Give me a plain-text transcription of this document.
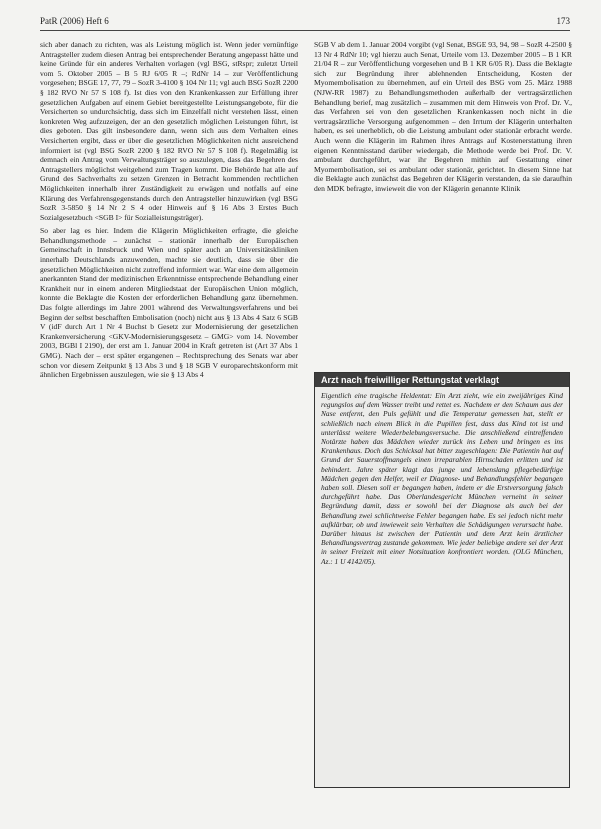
PatR (2006) Heft 6	173

sich aber danach zu richten, was als Leistung möglich ist. Wenn jeder vernünftige Antragsteller zudem diesen Antrag bei entsprechender Beratung angepasst hätte und keine Gründe für ein anderes Verhalten vorlagen (vgl BSG, stRspr; zuletzt Urteil vom 5. Oktober 2005 – B 5 RJ 6/05 R –; RdNr 14 – zur Veröffentlichung vorgesehen; BSGE 17, 77, 79 – SozR 3-4100 § 104 Nr 11; vgl auch BSG SozR 2200 § 182 RVO Nr 57 S 108 f). Ist dies von den Krankenkassen zur Erfüllung ihrer gesetzlichen Aufgaben auf einem Gebiet bereitgestellte Leistungsangebote, für die Versicherten so undurchsichtig, dass sich im Einzelfall nicht verstehen lässt, einen konkreten Weg aufzuzeigen, der an den gesetzlich möglichen Leistungen führt, ist dies geboten. Das gilt insbesondere dann, wenn sich aus dem Verhalten eines Versicherten ergibt, dass er über die gesetzlichen Möglichkeiten nicht ausreichend informiert ist (vgl BSG SozR 2200 § 182 RVO Nr 57 S 108 f). Regelmäßig ist demnach ein Antrag vom Verwaltungsträger so auszulegen, dass das Begehren des Antragstellers möglichst weitgehend zum Tragen kommt. Die Behörde hat alle auf Grund des Sachverhalts zu setzen Grenzen in Betracht kommenden rechtlichen Möglichkeiten innerhalb ihrer Zuständigkeit zu erwägen und notfalls auf eine Klärung des Verfahrensgegenstands durch den Antragsteller hinzuwirken (vgl BSG SozR 3-5850 § 14 Nr 2 S 4 oder Hinweis auf § 16 Abs 3 Erstes Buch Sozialgesetzbuch <SGB I> für Sozialleistungsträger).

So aber lag es hier. Indem die Klägerin Möglichkeiten erfragte, die gleiche Behandlungsmethode – zunächst – stationär innerhalb der Europäischen Gemeinschaft in Innsbruck und Wien und später auch an Universitätskliniken innerhalb Deutschlands anzuwenden, machte sie deutlich, dass sie über die gesetzlichen Möglichkeiten nicht zutreffend informiert war. War eine dem allgemein anerkannten Stand der medizinischen Erkenntnisse entsprechende Behandlung einer Krankheit nur in einem anderen Mitgliedstaat der Europäischen Union möglich, konnte die Beklagte die Kosten der erforderlichen Behandlung ganz übernehmen. Das folgte allerdings im Jahre 2001 während des Verwaltungsverfahrens und bei Beginn der selbst beschafften Embolisation (noch) nicht aus § 13 Abs 4 Satz 6 SGB V (idF durch Art 1 Nr 4 Buchst b Gesetz zur Modernisierung der gesetzlichen Krankenversicherung <GKV-Modernisierungsgesetz – GMG> vom 14. November 2003, BGBl I 2190), der erst am 1. Januar 2004 in Kraft getreten ist (Art 37 Abs 1 GMG). Nach der – erst später ergangenen – Rechtsprechung des Senats war aber schon vor diesem Zeitpunkt § 13 Abs 3 und § 18 SGB V europarechtskonform mit ähnlichen Ergebnissen auszulegen, wie sie § 13 Abs 4

SGB V ab dem 1. Januar 2004 vorgibt (vgl Senat, BSGE 93, 94, 98 – SozR 4-2500 § 13 Nr 4 RdNr 10; vgl hierzu auch Senat, Urteile vom 13. Dezember 2005 – B 1 KR 21/04 R – zur Veröffentlichung vorgesehen und B 1 KR 6/05 R). Dass die Beklagte sich zur Begründung ihrer ablehnenden Entscheidung, Kosten der Myomembolisation zu übernehmen, auf ein Urteil des BSG vom 25. März 1988 (NJW-RR 1987) zu Behandlungsmethoden außerhalb der vertragsärztlichen Behandlung berief, mag zusätzlich – zusammen mit dem Hinweis von Prof. Dr. V., das Verfahren sei von den gesetzlichen Krankenkassen noch nicht in die vertragsärztliche Versorgung aufgenommen – den Irrtum der Klägerin unterhalten haben, es sei unerheblich, ob die Leistung ambulant oder stationär erbracht werde. Auch wenn die Klägerin im Rahmen ihres Antrags auf Kostenerstattung ihren eigenen Kenntnisstand darüber wiedergab, die Methode werde bei Prof. Dr. V. ambulant durchgeführt, war ihr Begehren mithin auf Gestattung einer Myomembolisation, sei es ambulant oder stationär, gerichtet. In diesem Sinne hat die Beklagte auch zunächst das Begehren der Klägerin verstanden, da sie daraufhin den MDK befragte, inwieweit die von der Klägerin genannte Klinik

Arzt nach freiwilliger Rettungstat verklagt
Eigentlich eine tragische Heldentat: Ein Arzt zieht, wie ein zweijähriges Kind regungslos auf dem Wasser treibt und rettet es. Nachdem er den Schaum aus der Nase entfernt, den Puls gefühlt und die Temperatur gemessen hat, stellt er schließlich nach einem Blick in die Pupillen fest, dass das Kind tot ist und unterlässt weitere Wiederbelebungsversuche. Die anschließend eintreffenden Notärzte haben das Mädchen wieder zurück ins Leben und bringen es ins Krankenhaus. Doch das Schicksal hat bitter zugeschlagen: Die Patientin hat auf Grund der Sauerstoffmangels einen irreparablen Hirnschaden erlitten und ist behindert. Jahre später klagt das junge und lebenslang pflegebedürftige Mädchen gegen den Helfer, weil er Diagnose- und Behandlungsfehler begangen haben soll. Diesen soll er begangen haben, indem er die Erstversorgung falsch durchgeführt habe. Das Oberlandesgericht München verneint in seiner Begründung damit, dass er sowohl bei der Diagnose als auch bei der Behandlung zwei schlichtweise Fehler begangen habe. Es sei jedoch nicht mehr aufklärbar, ob und inwieweit sein Verhalten die Schädigungen verursacht habe. Darüber hinaus ist zwischen der Patientin und dem Arzt kein ärztlicher Behandlungsvertrag zustande gekommen. Wie jeder beliebige andere sei der Arzt in seiner Freizeit mit einer Notsituation konfrontiert worden. (OLG München, Az.: 1 U 4142/05).
